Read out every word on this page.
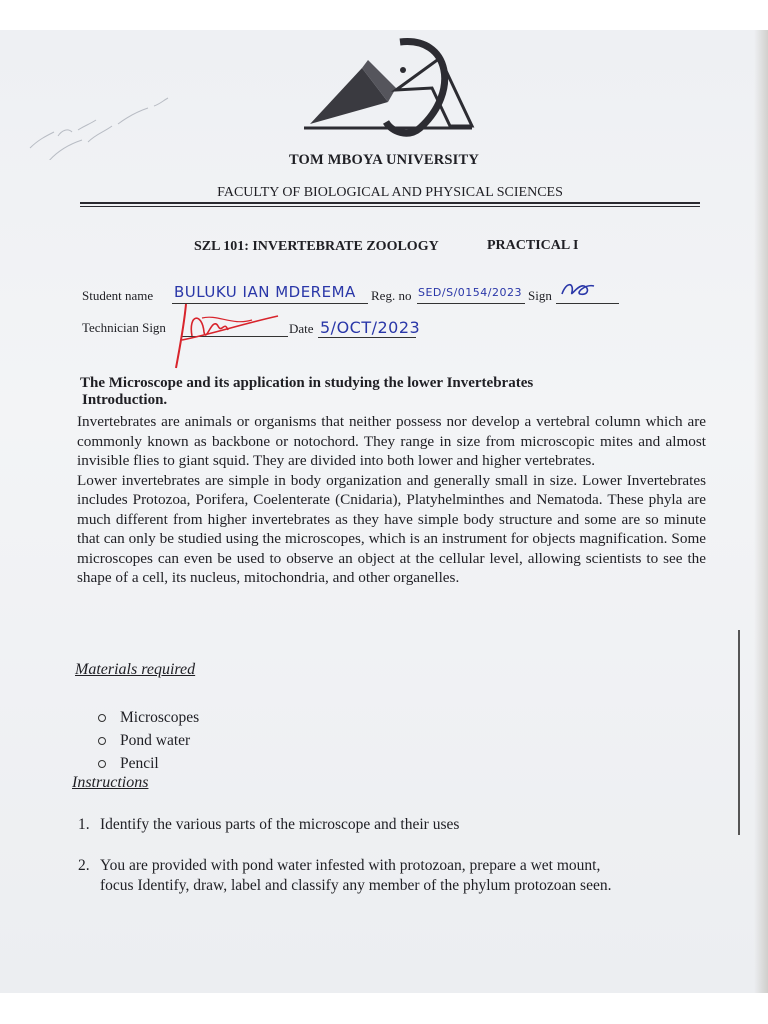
TOM MBOYA UNIVERSITY
FACULTY OF BIOLOGICAL AND PHYSICAL SCIENCES
SZL 101: INVERTEBRATE ZOOLOGY	PRACTICAL I
Student name BULUKU IAN MDEREMA Reg. no SED/S/0154/2023 Sign
Technician Sign	Date 5/OCT/2023
The Microscope and its application in studying the lower Invertebrates
Introduction.

Invertebrates are animals or organisms that neither possess nor develop a vertebral column which are commonly known as backbone or notochord. They range in size from microscopic mites and almost invisible flies to giant squid. They are divided into both lower and higher vertebrates.

Lower invertebrates are simple in body organization and generally small in size. Lower Invertebrates includes Protozoa, Porifera, Coelenterate (Cnidaria), Platyhelminthes and Nematoda. These phyla are much different from higher invertebrates as they have simple body structure and some are so minute that can only be studied using the microscopes, which is an instrument for objects magnification. Some microscopes can even be used to observe an object at the cellular level, allowing scientists to see the shape of a cell, its nucleus, mitochondria, and other organelles.

Materials required
Microscopes
Pond water
Pencil
Instructions
1. Identify the various parts of the microscope and their uses
2. You are provided with pond water infested with protozoan, prepare a wet mount,
focus Identify, draw, label and classify any member of the phylum protozoan seen.
